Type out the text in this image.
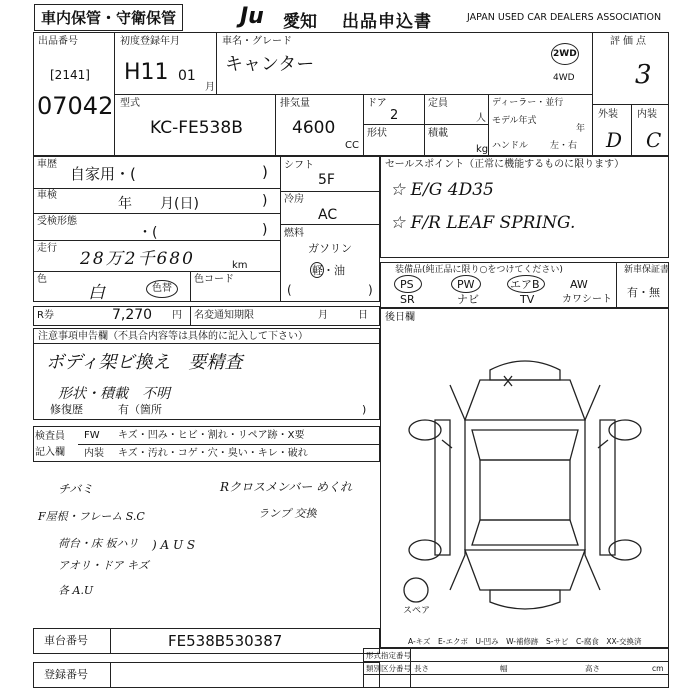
車内保管・守衛保管	Ju 愛知 出品申込書	JAPAN USED CAR DEALERS ASSOCIATION
出品番号
[2141]
07042
初度登録年月
H11 01
月
車名・グレード
キャンター	2WD
4WD
評価点
3
外装 内装
D C
型式
KC-FE538B
排気量
4600
CC
ドア
2
定員
人
形状	積載
kg
ディーラー・並行
モデル年式
年
ハンドル 左・右
車歴
自家用・(	)
車検
年　　月(日)	)
受検形態
・(	)
走行
28万2千680	km
色
白	色替
色コード
シフト
5F
冷房
AC
燃料
ガソリン
軽・油
(	)
R券	7,270 円 名変通知期限	月	日
セールスポイント（正常に機能するものに限ります）
☆ E/G 4D35
☆ F/R LEAF SPRING.
装備品(純正品に限り○をつけてください)	新車保証書
有・無
PS	PW	エアB	AW
SR	ナビ	TV	カワシート
注意事項申告欄（不具合内容等は具体的に記入して下さい）
ボディ架ビ換え　要精査
形状・積載　不明
修復歴	有（箇所	)
検査員
記入欄
FW キズ・凹み・ヒビ・割れ・リペア跡・X要
内装 キズ・汚れ・コゲ・穴・臭い・キレ・破れ
チバミ	Rクロスメンバー めくれ
F屋根・フレーム S.C	ランプ 交換
荷台・床 板ハリ ) A U S
アオリ・ドア キズ
各 A.U
後日欄
スペア
A-キズ　E-エクボ　U-凹み　W-補修跡　S-サビ　C-腐食　XX-交換済
車台番号	FE538B530387
登録番号
形式指定番号
類別区分番号 長さ	幅	高さ	cm
